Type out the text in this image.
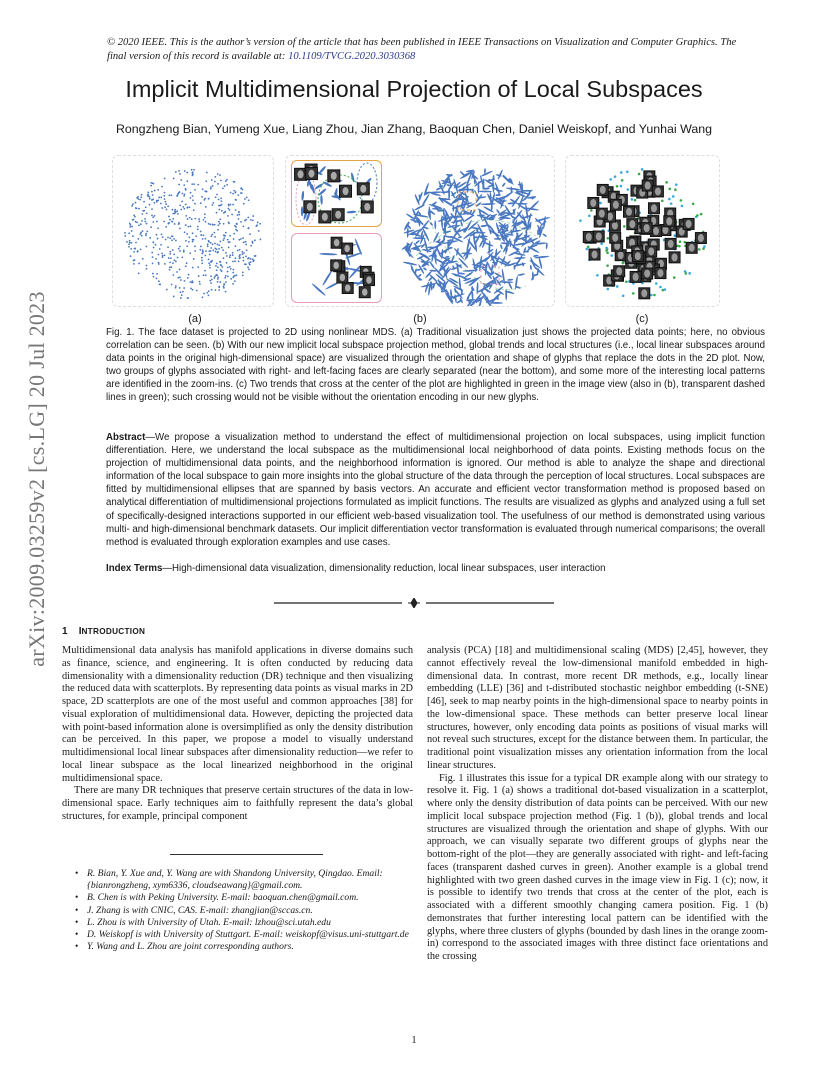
© 2020 IEEE. This is the author’s version of the article that has been published in IEEE Transactions on Visualization and Computer Graphics. The final version of this record is available at: 10.1109/TVCG.2020.3030368
Implicit Multidimensional Projection of Local Subspaces
Rongzheng Bian, Yumeng Xue, Liang Zhou, Jian Zhang, Baoquan Chen, Daniel Weiskopf, and Yunhai Wang
arXiv:2009.03259v2 [cs.LG] 20 Jul 2023	(a)	(b)	(c)
Fig. 1. The face dataset is projected to 2D using nonlinear MDS. (a) Traditional visualization just shows the projected data points; here, no obvious correlation can be seen. (b) With our new implicit local subspace projection method, global trends and local structures (i.e., local linear subspaces around data points in the original high-dimensional space) are visualized through the orientation and shape of glyphs that replace the dots in the 2D plot. Now, two groups of glyphs associated with right- and left-facing faces are clearly separated (near the bottom), and some more of the interesting local patterns are identified in the zoom-ins. (c) Two trends that cross at the center of the plot are highlighted in green in the image view (also in (b), transparent dashed lines in green); such crossing would not be visible without the orientation encoding in our new glyphs.
Abstract—We propose a visualization method to understand the effect of multidimensional projection on local subspaces, using implicit function differentiation. Here, we understand the local subspace as the multidimensional local neighborhood of data points. Existing methods focus on the projection of multidimensional data points, and the neighborhood information is ignored. Our method is able to analyze the shape and directional information of the local subspace to gain more insights into the global structure of the data through the perception of local structures. Local subspaces are fitted by multidimensional ellipses that are spanned by basis vectors. An accurate and efficient vector transformation method is proposed based on analytical differentiation of multidimensional projections formulated as implicit functions. The results are visualized as glyphs and analyzed using a full set of specifically-designed interactions supported in our efficient web-based visualization tool. The usefulness of our method is demonstrated using various multi- and high-dimensional benchmark datasets. Our implicit differentiation vector transformation is evaluated through numerical comparisons; the overall method is evaluated through exploration examples and use cases.
Index Terms—High-dimensional data visualization, dimensionality reduction, local linear subspaces, user interaction
1 INTRODUCTION

Multidimensional data analysis has manifold applications in diverse domains such as finance, science, and engineering. It is often conducted by reducing data dimensionality with a dimensionality reduction (DR) technique and then visualizing the reduced data with scatterplots. By representing data points as visual marks in 2D space, 2D scatterplots are one of the most useful and common approaches [38] for visual exploration of multidimensional data. However, depicting the projected data with point-based information alone is oversimplified as only the density distribution can be perceived. In this paper, we propose a model to visually understand multidimensional local linear subspaces after dimensionality reduction—we refer to local linear subspace as the local linearized neighborhood in the original multidimensional space.

There are many DR techniques that preserve certain structures of the data in low-dimensional space. Early techniques aim to faithfully represent the data’s global structures, for example, principal component

• R. Bian, Y. Xue and, Y. Wang are with Shandong University, Qingdao. Email: {bianrongzheng, xym6336, cloudseawang}@gmail.com.
• B. Chen is with Peking University. E-mail: baoquan.chen@gmail.com.
• J. Zhang is with CNIC, CAS. E-mail: zhangjian@sccas.cn.
• L. Zhou is with University of Utah. E-mail: lzhou@sci.utah.edu
• D. Weiskopf is with University of Stuttgart. E-mail: weiskopf@visus.uni-stuttgart.de
• Y. Wang and L. Zhou are joint corresponding authors.

analysis (PCA) [18] and multidimensional scaling (MDS) [2,45], however, they cannot effectively reveal the low-dimensional manifold embedded in high-dimensional data. In contrast, more recent DR methods, e.g., locally linear embedding (LLE) [36] and t-distributed stochastic neighbor embedding (t-SNE) [46], seek to map nearby points in the high-dimensional space to nearby points in the low-dimensional space. These methods can better preserve local linear structures, however, only encoding data points as positions of visual marks will not reveal such structures, except for the distance between them. In particular, the traditional point visualization misses any orientation information from the local linear structures.

Fig. 1 illustrates this issue for a typical DR example along with our strategy to resolve it. Fig. 1 (a) shows a traditional dot-based visualization in a scatterplot, where only the density distribution of data points can be perceived. With our new implicit local subspace projection method (Fig. 1 (b)), global trends and local structures are visualized through the orientation and shape of glyphs. With our approach, we can visually separate two different groups of glyphs near the bottom-right of the plot—they are generally associated with right- and left-facing faces (transparent dashed curves in green). Another example is a global trend highlighted with two green dashed curves in the image view in Fig. 1 (c); now, it is possible to identify two trends that cross at the center of the plot, each is associated with a different smoothly changing camera position. Fig. 1 (b) demonstrates that further interesting local pattern can be identified with the glyphs, where three clusters of glyphs (bounded by dash lines in the orange zoom-in) correspond to the associated images with three distinct face orientations and the crossing

1
